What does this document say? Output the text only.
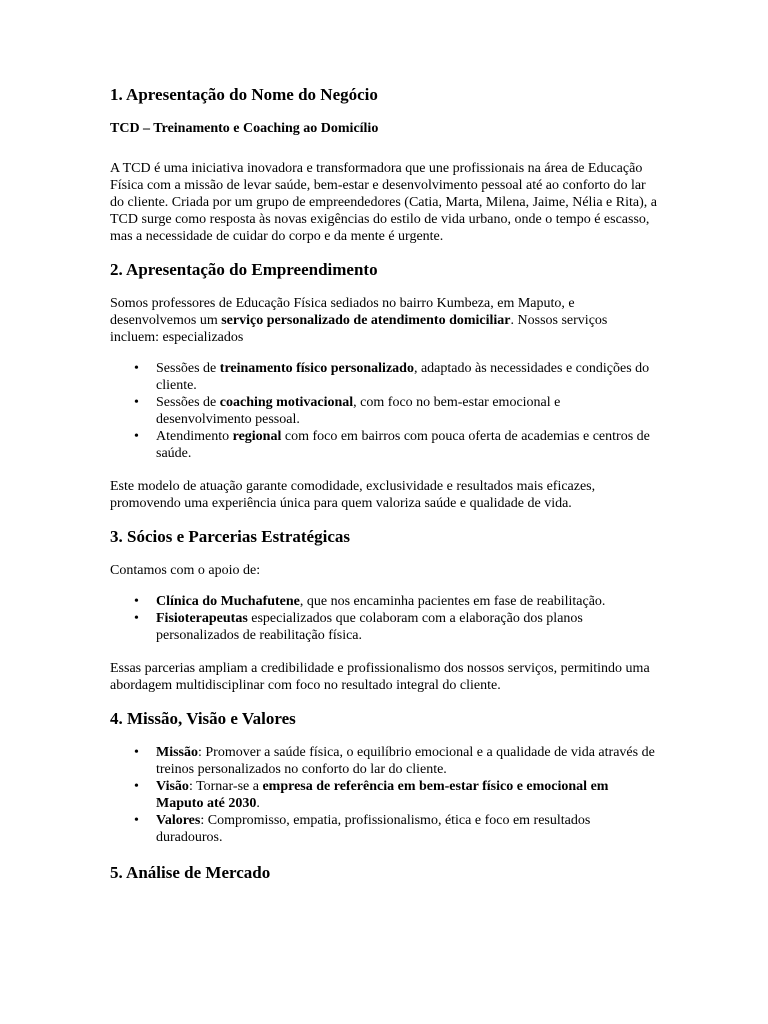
1. Apresentação do Nome do Negócio
TCD – Treinamento e Coaching ao Domicílio

A TCD é uma iniciativa inovadora e transformadora que une profissionais na área de Educação Física com a missão de levar saúde, bem-estar e desenvolvimento pessoal até ao conforto do lar do cliente. Criada por um grupo de empreendedores (Catia, Marta, Milena, Jaime, Nélia e Rita), a TCD surge como resposta às novas exigências do estilo de vida urbano, onde o tempo é escasso, mas a necessidade de cuidar do corpo e da mente é urgente.

2. Apresentação do Empreendimento

Somos professores de Educação Física sediados no bairro Kumbeza, em Maputo, e desenvolvemos um serviço personalizado de atendimento domiciliar. Nossos serviços incluem: especializados

• Sessões de treinamento físico personalizado, adaptado às necessidades e condições do cliente.
• Sessões de coaching motivacional, com foco no bem-estar emocional e desenvolvimento pessoal.
• Atendimento regional com foco em bairros com pouca oferta de academias e centros de saúde.

Este modelo de atuação garante comodidade, exclusividade e resultados mais eficazes, promovendo uma experiência única para quem valoriza saúde e qualidade de vida.

3. Sócios e Parcerias Estratégicas

Contamos com o apoio de:

• Clínica do Muchafutene, que nos encaminha pacientes em fase de reabilitação.
• Fisioterapeutas especializados que colaboram com a elaboração dos planos personalizados de reabilitação física.

Essas parcerias ampliam a credibilidade e profissionalismo dos nossos serviços, permitindo uma abordagem multidisciplinar com foco no resultado integral do cliente.

4. Missão, Visão e Valores
• Missão: Promover a saúde física, o equilíbrio emocional e a qualidade de vida através de treinos personalizados no conforto do lar do cliente.
• Visão: Tornar-se a empresa de referência em bem-estar físico e emocional em Maputo até 2030.
• Valores: Compromisso, empatia, profissionalismo, ética e foco em resultados duradouros.
5. Análise de Mercado
